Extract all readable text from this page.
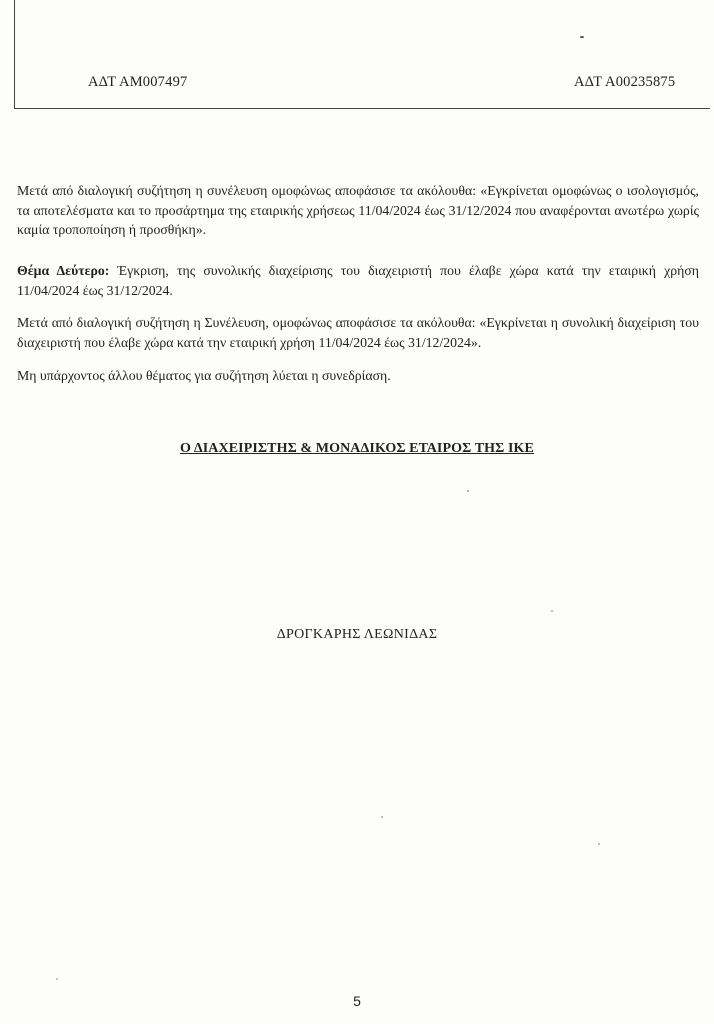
ΑΔΤ ΑΜ007497	ΑΔΤ Α00235875
Μετά από διαλογική συζήτηση η συνέλευση ομοφώνως αποφάσισε τα ακόλουθα: «Εγκρίνεται ομοφώνως ο ισολογισμός, τα αποτελέσματα και το προσάρτημα της εταιρικής χρήσεως 11/04/2024 έως 31/12/2024 που αναφέρονται ανωτέρω χωρίς καμία τροποποίηση ή προσθήκη».
Θέμα Δεύτερο: Έγκριση, της συνολικής διαχείρισης του διαχειριστή που έλαβε χώρα κατά την εταιρική χρήση 11/04/2024 έως 31/12/2024.
Μετά από διαλογική συζήτηση η Συνέλευση, ομοφώνως αποφάσισε τα ακόλουθα: «Εγκρίνεται η συνολική διαχείριση του διαχειριστή που έλαβε χώρα κατά την εταιρική χρήση 11/04/2024 έως 31/12/2024».
Μη υπάρχοντος άλλου θέματος για συζήτηση λύεται η συνεδρίαση.
Ο ΔΙΑΧΕΙΡΙΣΤΗΣ & ΜΟΝΑΔΙΚΟΣ ΕΤΑΙΡΟΣ ΤΗΣ ΙΚΕ
ΔΡΟΓΚΑΡΗΣ ΛΕΩΝΙΔΑΣ
5
